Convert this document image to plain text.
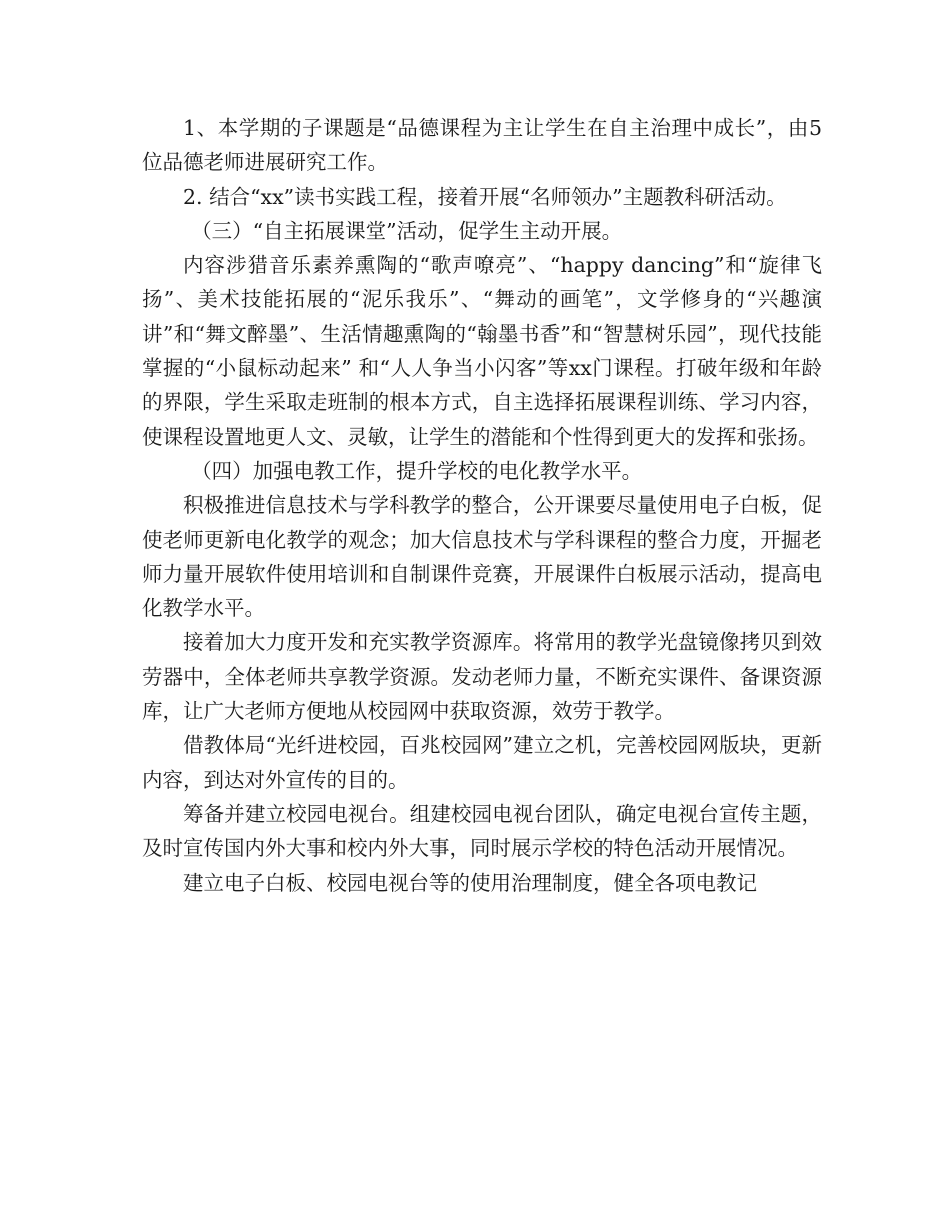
1、本学期的子课题是“品德课程为主让学生在自主治理中成长”，由5位品德老师进展研究工作。

2. 结合“xx”读书实践工程，接着开展“名师领办”主题教科研活动。

（三）“自主拓展课堂”活动，促学生主动开展。

内容涉猎音乐素养熏陶的“歌声嘹亮”、“happy dancing”和“旋律飞扬”、美术技能拓展的“泥乐我乐”、“舞动的画笔”，文学修身的“兴趣演讲”和“舞文醉墨”、生活情趣熏陶的“翰墨书香”和“智慧树乐园”，现代技能掌握的“小鼠标动起来” 和“人人争当小闪客”等xx门课程。打破年级和年龄的界限，学生采取走班制的根本方式，自主选择拓展课程训练、学习内容，使课程设置地更人文、灵敏，让学生的潜能和个性得到更大的发挥和张扬。

（四）加强电教工作，提升学校的电化教学水平。

积极推进信息技术与学科教学的整合，公开课要尽量使用电子白板，促使老师更新电化教学的观念；加大信息技术与学科课程的整合力度，开掘老师力量开展软件使用培训和自制课件竞赛，开展课件白板展示活动，提高电化教学水平。

接着加大力度开发和充实教学资源库。将常用的教学光盘镜像拷贝到效劳器中，全体老师共享教学资源。发动老师力量，不断充实课件、备课资源库，让广大老师方便地从校园网中获取资源，效劳于教学。

借教体局“光纤进校园，百兆校园网”建立之机，完善校园网版块，更新内容，到达对外宣传的目的。

筹备并建立校园电视台。组建校园电视台团队，确定电视台宣传主题，及时宣传国内外大事和校内外大事，同时展示学校的特色活动开展情况。

建立电子白板、校园电视台等的使用治理制度，健全各项电教记
